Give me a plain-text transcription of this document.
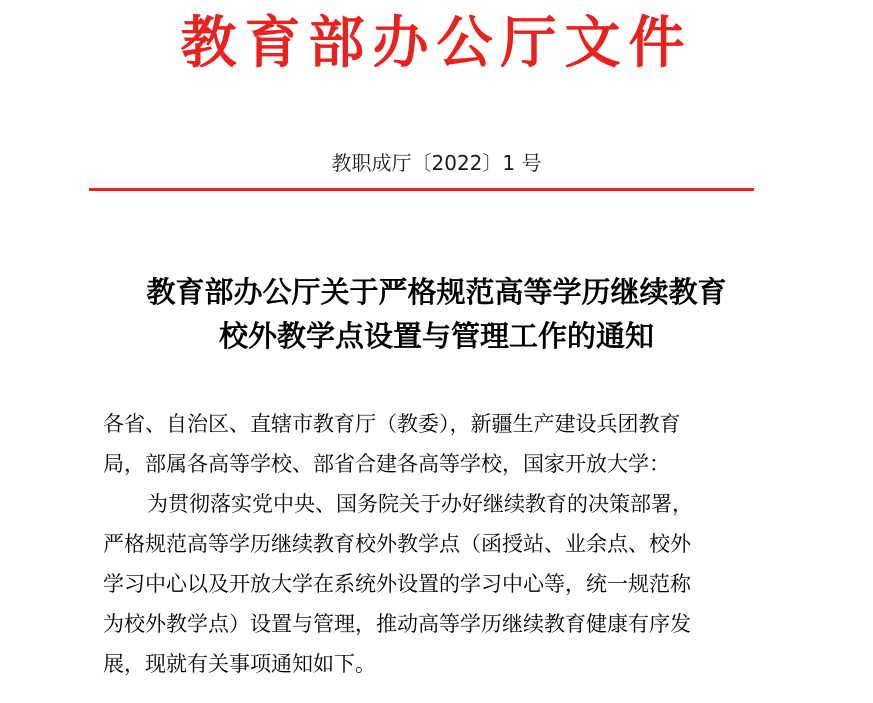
教育部办公厅文件
教职成厅〔2022〕1 号
教育部办公厅关于严格规范高等学历继续教育
校外教学点设置与管理工作的通知
各省、自治区、直辖市教育厅（教委），新疆生产建设兵团教育
局，部属各高等学校、部省合建各高等学校，国家开放大学：
为贯彻落实党中央、国务院关于办好继续教育的决策部署，
严格规范高等学历继续教育校外教学点（函授站、业余点、校外
学习中心以及开放大学在系统外设置的学习中心等，统一规范称
为校外教学点）设置与管理，推动高等学历继续教育健康有序发
展，现就有关事项通知如下。
